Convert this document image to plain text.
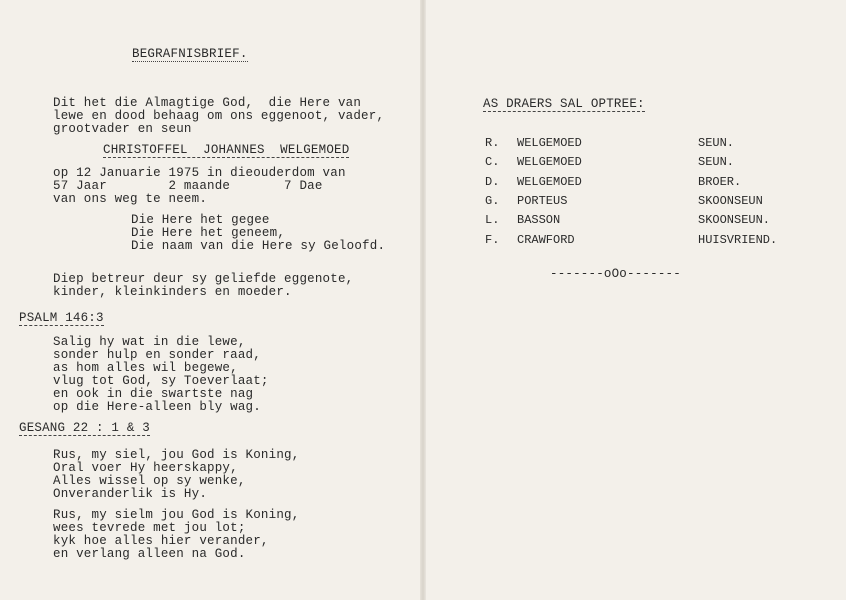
BEGRAFNISBRIEF.
Dit het die Almagtige God,  die Here van
lewe en dood behaag om ons eggenoot, vader,
grootvader en seun
CHRISTOFFEL  JOHANNES  WELGEMOED
op 12 Januarie 1975 in dieouderdom van
57 Jaar        2 maande       7 Dae
van ons weg te neem.
Die Here het gegee
Die Here het geneem,
Die naam van die Here sy Geloofd.
Diep betreur deur sy geliefde eggenote,
kinder, kleinkinders en moeder.
PSALM 146:3
Salig hy wat in die lewe,
sonder hulp en sonder raad,
as hom alles wil begewe,
vlug tot God, sy Toeverlaat;
en ook in die swartste nag
op die Here-alleen bly wag.
GESANG 22 : 1 & 3
Rus, my siel, jou God is Koning,
Oral voer Hy heerskappy,
Alles wissel op sy wenke,
Onveranderlik is Hy.
Rus, my sielm jou God is Koning,
wees tevrede met jou lot;
kyk hoe alles hier verander,
en verlang alleen na God.
AS DRAERS SAL OPTREE:
R. WELGEMOED	SEUN.
C. WELGEMOED	SEUN.
D. WELGEMOED	BROER.
G. PORTEUS	SKOONSEUN
L. BASSON	SKOONSEUN.
F. CRAWFORD	HUISVRIEND.
-------oOo-------
